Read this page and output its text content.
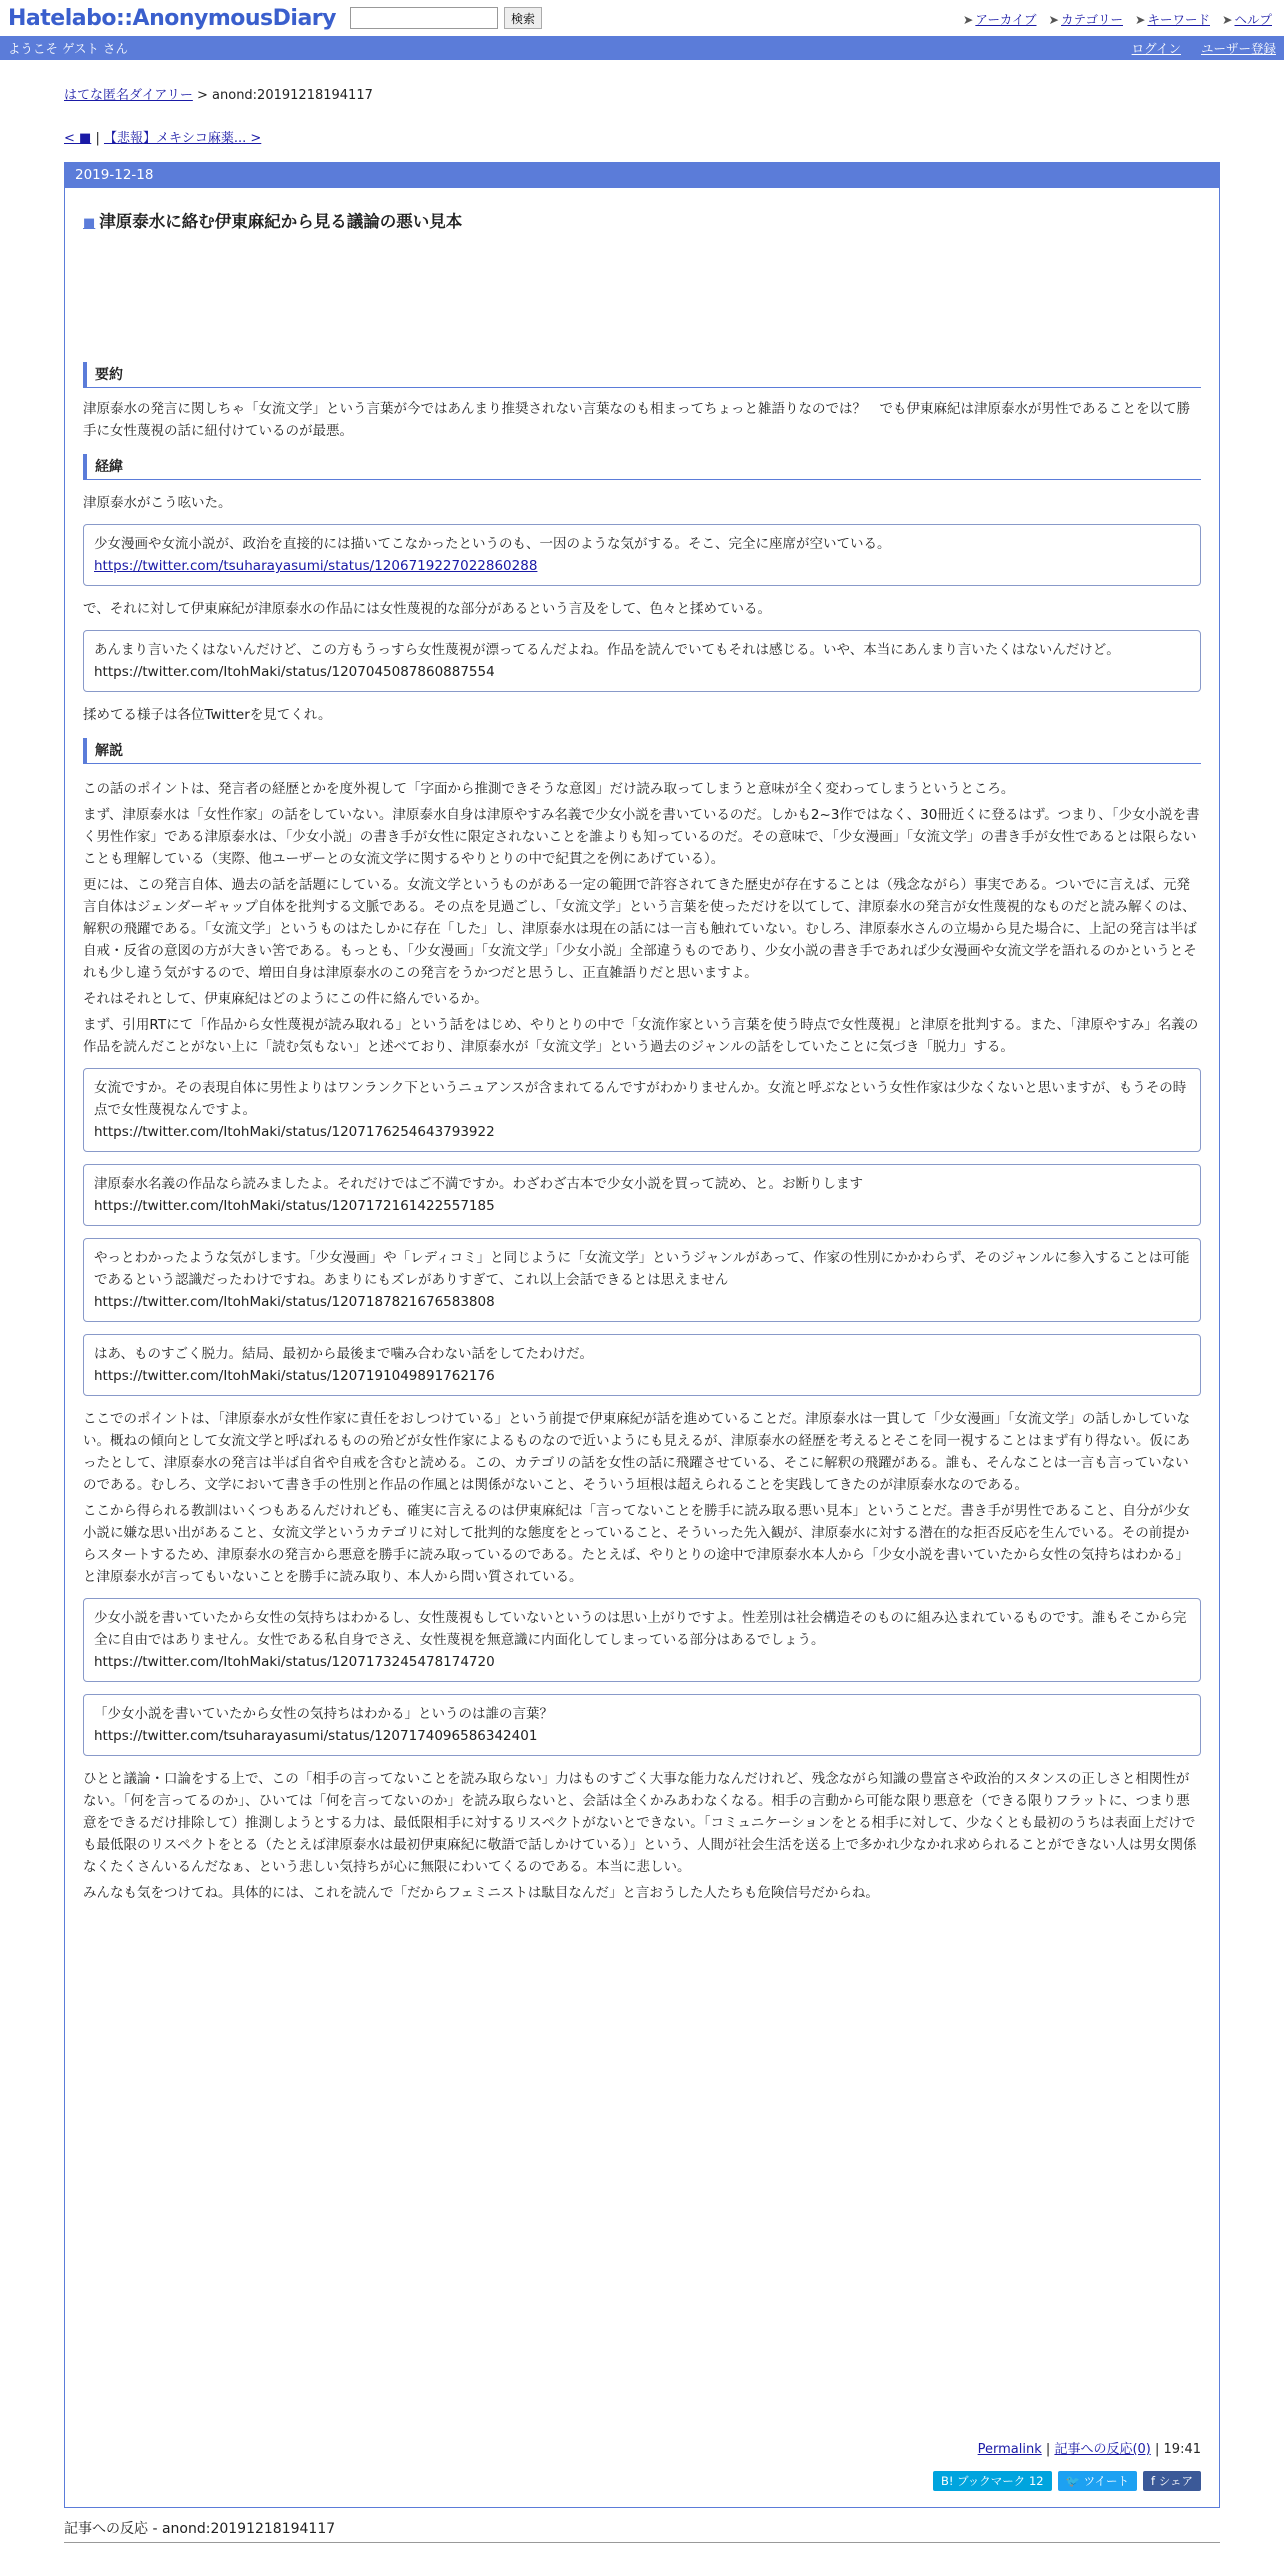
Hatelabo::AnonymousDiary	検索	➤ アーカイブ ➤ カテゴリー ➤ キーワード ➤ ヘルプ
ようこそ ゲスト さん	ログイン ユーザー登録
はてな匿名ダイアリー > anond:20191218194117
< ■ | 【悲報】メキシコ麻薬... >
2019-12-18
■ 津原泰水に絡む伊東麻紀から見る議論の悪い見本
要約

津原泰水の発言に関しちゃ「女流文学」という言葉が今ではあんまり推奨されない言葉なのも相まってちょっと雑語りなのでは？　でも伊東麻紀は津原泰水が男性であることを以て勝手に女性蔑視の話に紐付けているのが最悪。

経緯

津原泰水がこう呟いた。

少女漫画や女流小説が、政治を直接的には描いてこなかったというのも、一因のような気がする。そこ、完全に座席が空いている。
https://twitter.com/tsuharayasumi/status/1206719227022860288

で、それに対して伊東麻紀が津原泰水の作品には女性蔑視的な部分があるという言及をして、色々と揉めている。

あんまり言いたくはないんだけど、この方もうっすら女性蔑視が漂ってるんだよね。作品を読んでいてもそれは感じる。いや、本当にあんまり言いたくはないんだけど。
https://twitter.com/ItohMaki/status/1207045087860887554

揉めてる様子は各位Twitterを見てくれ。

解説

この話のポイントは、発言者の経歴とかを度外視して「字面から推測できそうな意図」だけ読み取ってしまうと意味が全く変わってしまうというところ。

まず、津原泰水は「女性作家」の話をしていない。津原泰水自身は津原やすみ名義で少女小説を書いているのだ。しかも2~3作ではなく、30冊近くに登るはず。つまり、「少女小説を書く男性作家」である津原泰水は、「少女小説」の書き手が女性に限定されないことを誰よりも知っているのだ。その意味で、「少女漫画」「女流文学」の書き手が女性であるとは限らないことも理解している（実際、他ユーザーとの女流文学に関するやりとりの中で紀貫之を例にあげている）。

更には、この発言自体、過去の話を話題にしている。女流文学というものがある一定の範囲で許容されてきた歴史が存在することは（残念ながら）事実である。ついでに言えば、元発言自体はジェンダーギャップ自体を批判する文脈である。その点を見過ごし、「女流文学」という言葉を使っただけを以てして、津原泰水の発言が女性蔑視的なものだと読み解くのは、解釈の飛躍である。「女流文学」というものはたしかに存在「した」し、津原泰水は現在の話には一言も触れていない。むしろ、津原泰水さんの立場から見た場合に、上記の発言は半ば自戒・反省の意図の方が大きい筈である。もっとも、「少女漫画」「女流文学」「少女小説」全部違うものであり、少女小説の書き手であれば少女漫画や女流文学を語れるのかというとそれも少し違う気がするので、増田自身は津原泰水のこの発言をうかつだと思うし、正直雑語りだと思いますよ。

それはそれとして、伊東麻紀はどのようにこの件に絡んでいるか。

まず、引用RTにて「作品から女性蔑視が読み取れる」という話をはじめ、やりとりの中で「女流作家という言葉を使う時点で女性蔑視」と津原を批判する。また、「津原やすみ」名義の作品を読んだことがない上に「読む気もない」と述べており、津原泰水が「女流文学」という過去のジャンルの話をしていたことに気づき「脱力」する。

女流ですか。その表現自体に男性よりはワンランク下というニュアンスが含まれてるんですがわかりませんか。女流と呼ぶなという女性作家は少なくないと思いますが、もうその時点で女性蔑視なんですよ。
https://twitter.com/ItohMaki/status/1207176254643793922
津原泰水名義の作品なら読みましたよ。それだけではご不満ですか。わざわざ古本で少女小説を買って読め、と。お断りします
https://twitter.com/ItohMaki/status/1207172161422557185
やっとわかったような気がします。「少女漫画」や「レディコミ」と同じように「女流文学」というジャンルがあって、作家の性別にかかわらず、そのジャンルに参入することは可能であるという認識だったわけですね。あまりにもズレがありすぎて、これ以上会話できるとは思えません
https://twitter.com/ItohMaki/status/1207187821676583808
はあ、ものすごく脱力。結局、最初から最後まで噛み合わない話をしてたわけだ。
https://twitter.com/ItohMaki/status/1207191049891762176

ここでのポイントは、「津原泰水が女性作家に責任をおしつけている」という前提で伊東麻紀が話を進めていることだ。津原泰水は一貫して「少女漫画」「女流文学」の話しかしていない。概ねの傾向として女流文学と呼ばれるものの殆どが女性作家によるものなので近いようにも見えるが、津原泰水の経歴を考えるとそこを同一視することはまず有り得ない。仮にあったとして、津原泰水の発言は半ば自省や自戒を含むと読める。この、カテゴリの話を女性の話に飛躍させている、そこに解釈の飛躍がある。誰も、そんなことは一言も言っていないのである。むしろ、文学において書き手の性別と作品の作風とは関係がないこと、そういう垣根は超えられることを実践してきたのが津原泰水なのである。

ここから得られる教訓はいくつもあるんだけれども、確実に言えるのは伊東麻紀は「言ってないことを勝手に読み取る悪い見本」ということだ。書き手が男性であること、自分が少女小説に嫌な思い出があること、女流文学というカテゴリに対して批判的な態度をとっていること、そういった先入観が、津原泰水に対する潜在的な拒否反応を生んでいる。その前提からスタートするため、津原泰水の発言から悪意を勝手に読み取っているのである。たとえば、やりとりの途中で津原泰水本人から「少女小説を書いていたから女性の気持ちはわかる」と津原泰水が言ってもいないことを勝手に読み取り、本人から問い質されている。

少女小説を書いていたから女性の気持ちはわかるし、女性蔑視もしていないというのは思い上がりですよ。性差別は社会構造そのものに組み込まれているものです。誰もそこから完全に自由ではありません。女性である私自身でさえ、女性蔑視を無意識に内面化してしまっている部分はあるでしょう。
https://twitter.com/ItohMaki/status/1207173245478174720
「少女小説を書いていたから女性の気持ちはわかる」というのは誰の言葉？
https://twitter.com/tsuharayasumi/status/1207174096586342401

ひとと議論・口論をする上で、この「相手の言ってないことを読み取らない」力はものすごく大事な能力なんだけれど、残念ながら知識の豊富さや政治的スタンスの正しさと相関性がない。「何を言ってるのか」、ひいては「何を言ってないのか」を読み取らないと、会話は全くかみあわなくなる。相手の言動から可能な限り悪意を（できる限りフラットに、つまり悪意をできるだけ排除して）推測しようとする力は、最低限相手に対するリスペクトがないとできない。「コミュニケーションをとる相手に対して、少なくとも最初のうちは表面上だけでも最低限のリスペクトをとる（たとえば津原泰水は最初伊東麻紀に敬語で話しかけている）」という、人間が社会生活を送る上で多かれ少なかれ求められることができない人は男女関係なくたくさんいるんだなぁ、という悲しい気持ちが心に無限にわいてくるのである。本当に悲しい。

みんなも気をつけてね。具体的には、これを読んで「だからフェミニストは駄目なんだ」と言おうした人たちも危険信号だからね。

Permalink | 記事への反応(0) | 19:41
B! ブックマーク 12	🐦 ツイート	f シェア
記事への反応 - anond:20191218194117
